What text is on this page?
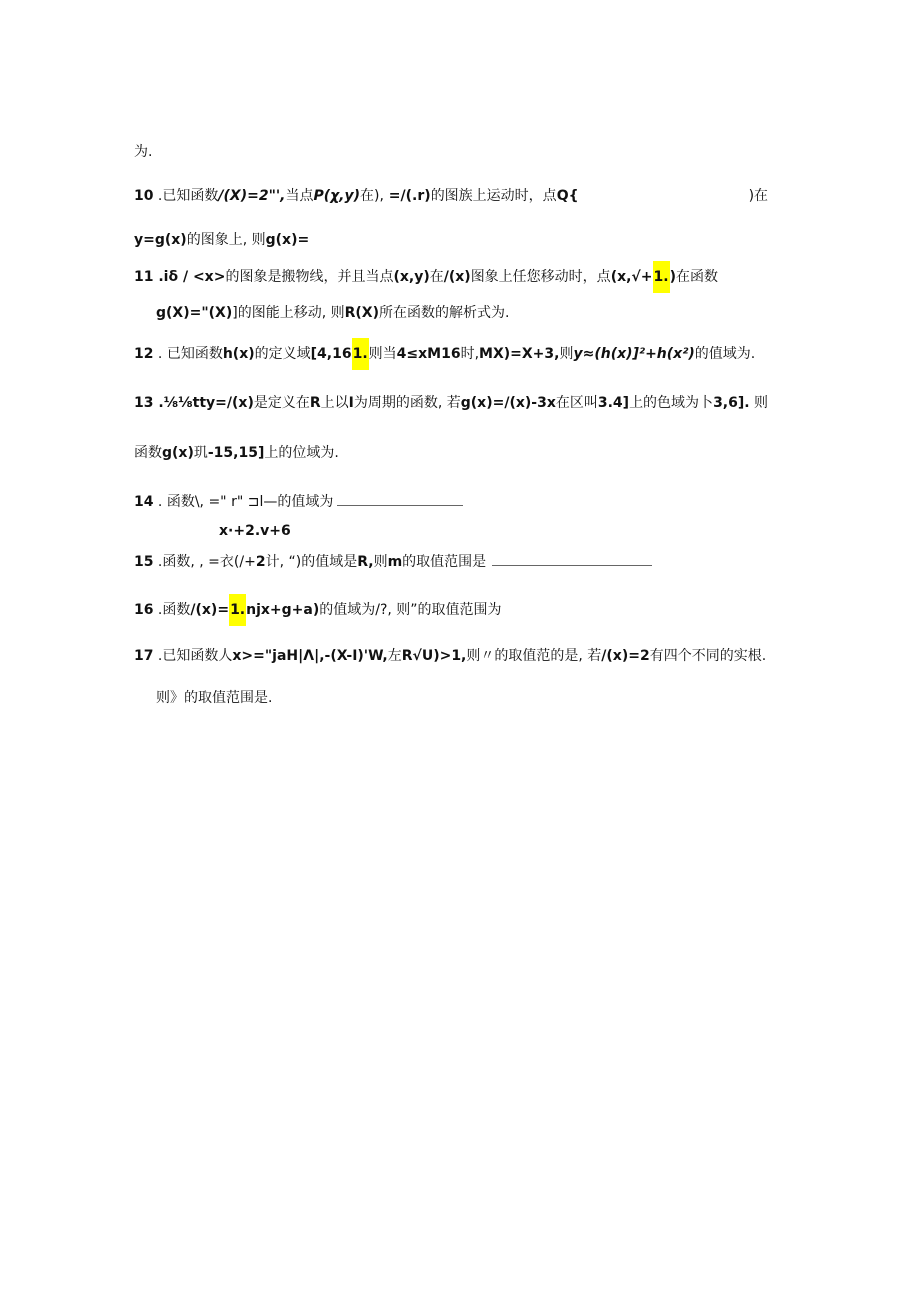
为.
10 .已知函数/(X)=2"',当点P(χ,y)在), =/(.r)的图族上运动时，点Q{	)在
y=g(x)的图象上, 则g(x)=
11 .iδ / <x>的图象是搬物线，并且当点(x,y)在/(x)图象上任您移动时，点(x,√+1.)在函数
g(X)="(X)]的图能上移动, 则R(X)所在函数的解析式为.
12 . 已知函数h(x)的定义域[4,161.则当4≤xM16时,MX)=X+3,则y≈(h(x)]²+h(x²)的值域为.
13 .⅛⅛tty=/(x)是定义在R上以I为周期的函数, 若g(x)=/(x)-3x在区叫3.4]上的色域为卜3,6]. 则
函数g(x)玑-15,15]上的位域为.
14 . 函数\, =" r" ⊐l—的值域为
x·+2.v+6
15 .函数, , =衣(/+2计, “)的值域是R,则m的取值范围是
16 .函数/(x)=1.njx+g+a)的值域为/?, 则”的取值范围为
17 .已知函数人x>="jaH|Λ|,-(X-I)'W,左R√U)>1,则〃的取值范的是, 若/(x)=2有四个不同的实根.
则》的取值范围是.
